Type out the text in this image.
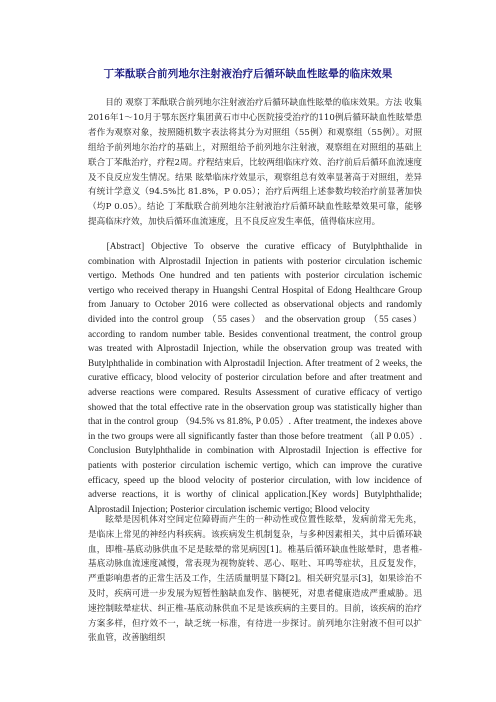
丁苯酞联合前列地尔注射液治疗后循环缺血性眩晕的临床效果
目的 观察丁苯酞联合前列地尔注射液治疗后循环缺血性眩晕的临床效果。方法 收集2016年1～10月于鄂东医疗集团黄石市中心医院接受治疗的110例后循环缺血性眩晕患者作为观察对象，按照随机数字表法将其分为对照组（55例）和观察组（55例）。对照组给予前列地尔治疗的基础上，对照组给予前列地尔注射液，观察组在对照组的基础上联合丁苯酞治疗，疗程2周。疗程结束后，比较两组临床疗效、治疗前后后循环血流速度及不良反应发生情况。结果 眩晕临床疗效显示，观察组总有效率显著高于对照组，差异有统计学意义（94.5%比 81.8%，P 0.05）；治疗后两组上述参数均较治疗前显著加快（均P 0.05）。结论 丁苯酞联合前列地尔注射液治疗后循环缺血性眩晕效果可靠，能够提高临床疗效，加快后循环血流速度，且不良反应发生率低，值得临床应用。
[Abstract] Objective To observe the curative efficacy of Butylphthalide in combination with Alprostadil Injection in patients with posterior circulation ischemic vertigo. Methods One hundred and ten patients with posterior circulation ischemic vertigo who received therapy in Huangshi Central Hospital of Edong Healthcare Group from January to October 2016 were collected as observational objects and randomly divided into the control group （55 cases） and the observation group （55 cases） according to random number table. Besides conventional treatment, the control group was treated with Alprostadil Injection, while the observation group was treated with Butylphthalide in combination with Alprostadil Injection. After treatment of 2 weeks, the curative efficacy, blood velocity of posterior circulation before and after treatment and adverse reactions were compared. Results Assessment of curative efficacy of vertigo showed that the total effective rate in the observation group was statistically higher than that in the control group （94.5% vs 81.8%, P 0.05）. After treatment, the indexes above in the two groups were all significantly faster than those before treatment （all P 0.05）. Conclusion Butylphthalide in combination with Alprostadil Injection is effective for patients with posterior circulation ischemic vertigo, which can improve the curative efficacy, speed up the blood velocity of posterior circulation, with low incidence of adverse reactions, it is worthy of clinical application.[Key words] Butylphthalide; Alprostadil Injection; Posterior circulation ischemic vertigo; Blood velocity
眩晕是因机体对空间定位障碍而产生的一种动性或位置性眩晕，发病前常无先兆，是临床上常见的神经内科疾病。该疾病发生机制复杂，与多种因素相关，其中后循环缺血，即椎-基底动脉供血不足是眩晕的常见病因[1]。椎基后循环缺血性眩晕时，患者椎-基底动脉血流速度减慢，常表现为视物旋转、恶心、呕吐、耳鸣等症状，且反复发作，严重影响患者的正常生活及工作，生活质量明显下降[2]。相关研究显示[3]，如果诊治不及时，疾病可进一步发展为短暂性脑缺血发作、脑梗死，对患者健康造成严重威胁。迅速控制眩晕症状、纠正椎-基底动脉供血不足是该疾病的主要目的。目前，该疾病的治疗方案多样，但疗效不一，缺乏统一标准，有待进一步探讨。前列地尔注射液不但可以扩张血管，改善脑组织
